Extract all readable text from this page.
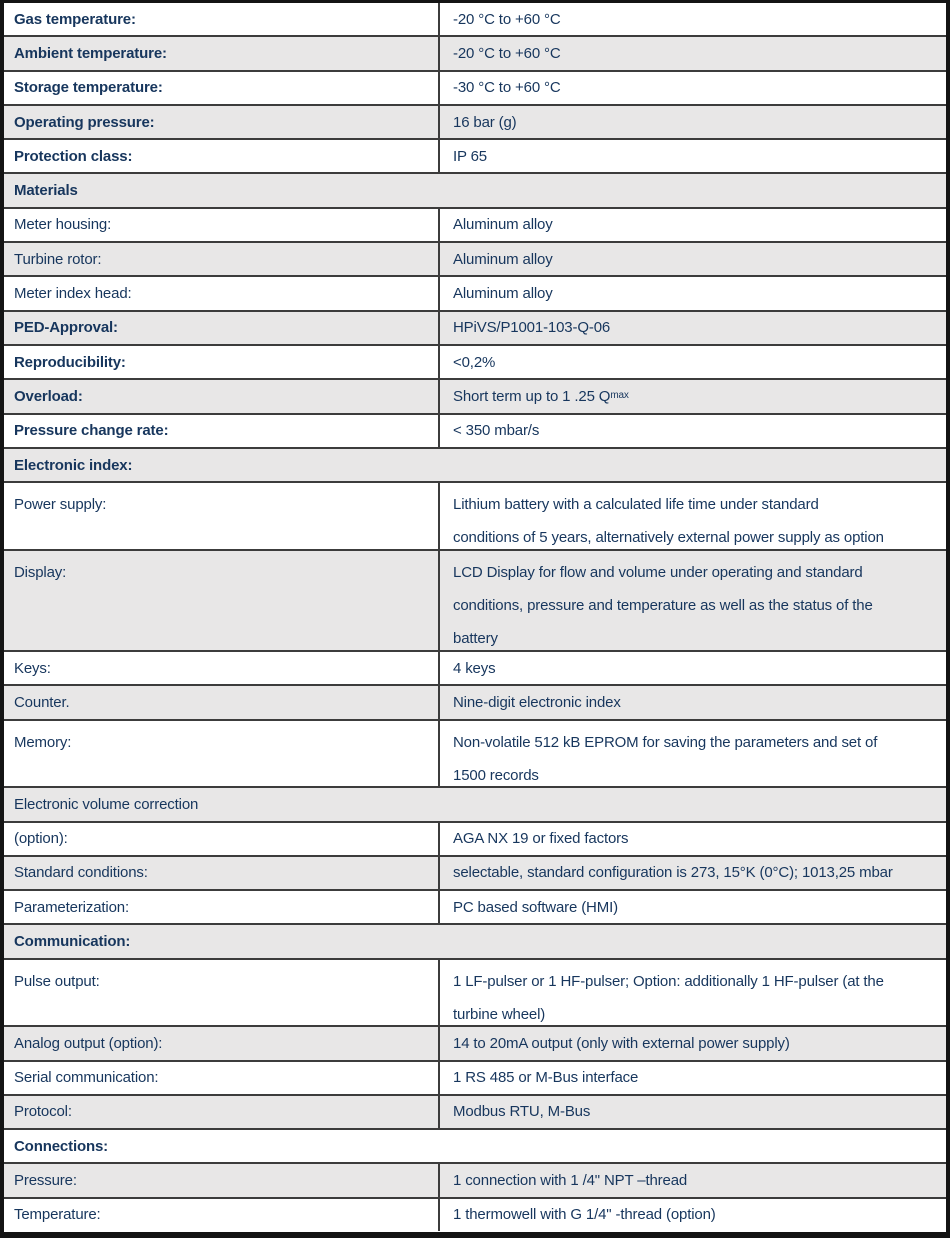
Gas temperature:	-20 °C to +60 °C
Ambient temperature:	-20 °C to +60 °C
Storage temperature:	-30 °C to +60 °C
Operating pressure:	16 bar (g)
Protection class:	IP 65
Materials
Meter housing:	Aluminum alloy
Turbine rotor:	Aluminum alloy
Meter index head:	Aluminum alloy
PED-Approval:	HPiVS/P1001-103-Q-06
Reproducibility:	<0,2%
Overload:	Short term up to 1 .25 Q max
Pressure change rate:	< 350 mbar/s
Electronic index:
Power supply:	Lithium battery with a calculated life time under standard
conditions of 5 years, alternatively external power supply as option
Display:	LCD Display for flow and volume under operating and standard
conditions, pressure and temperature as well as the status of the
battery
Keys:	4 keys
Counter.	Nine-digit electronic index
Memory:	Non-volatile 512 kB EPROM for saving the parameters and set of
1500 records
Electronic volume correction
(option):	AGA NX 19 or fixed factors
Standard conditions:	selectable, standard configuration is 273, 15°K (0°C); 1013,25 mbar
Parameterization:	PC based software (HMI)
Communication:
Pulse output:	1 LF-pulser or 1 HF-pulser; Option: additionally 1 HF-pulser (at the
turbine wheel)
Analog output (option):	14 to 20mA output (only with external power supply)
Serial communication:	1 RS 485 or M-Bus interface
Protocol:	Modbus RTU, M-Bus
Connections:
Pressure:	1 connection with 1 /4" NPT –thread
Temperature:	1 thermowell with G 1/4" -thread (option)
